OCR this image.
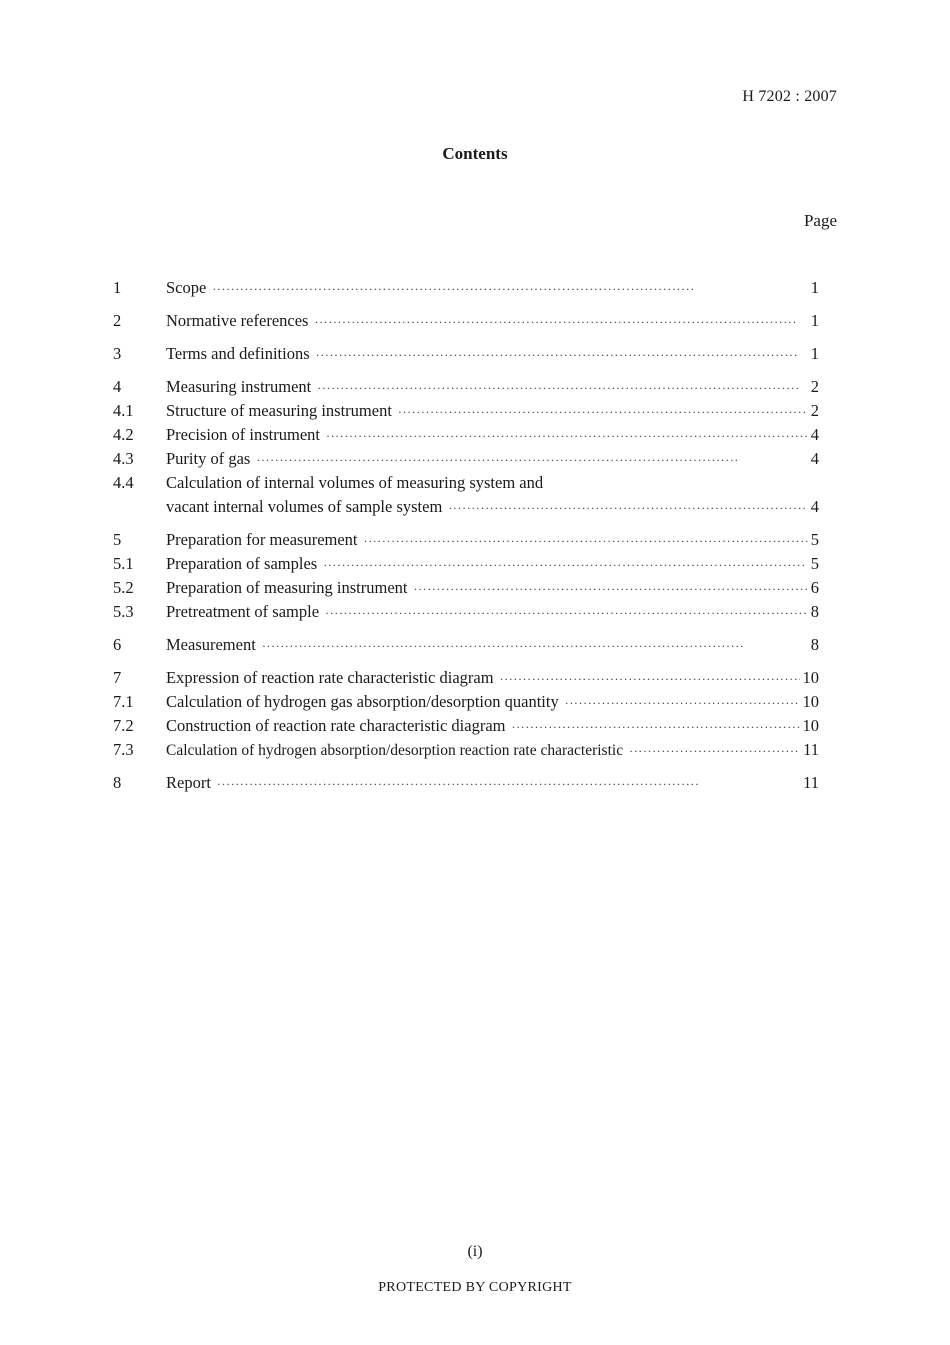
H 7202 : 2007
Contents
Page
1	Scope · · ·	1
2	Normative references · · ·	1
3	Terms and definitions · · ·	1
4	Measuring instrument · · ·	2
4.1	Structure of measuring instrument · · ·	2
4.2	Precision of instrument · · ·	4
4.3	Purity of gas · · ·	4
4.4	Calculation of internal volumes of measuring system and
vacant internal volumes of sample system · · ·	4
5	Preparation for measurement · · ·	5
5.1	Preparation of samples · · ·	5
5.2	Preparation of measuring instrument · · ·	6
5.3	Pretreatment of sample · · ·	8
6	Measurement · · ·	8
7	Expression of reaction rate characteristic diagram · · ·	10
7.1	Calculation of hydrogen gas absorption/desorption quantity · · ·	10
7.2	Construction of reaction rate characteristic diagram · · ·	10
7.3	Calculation of hydrogen absorption/desorption reaction rate characteristic · · ·	11
8	Report · · ·	11
(i)
PROTECTED BY COPYRIGHT
